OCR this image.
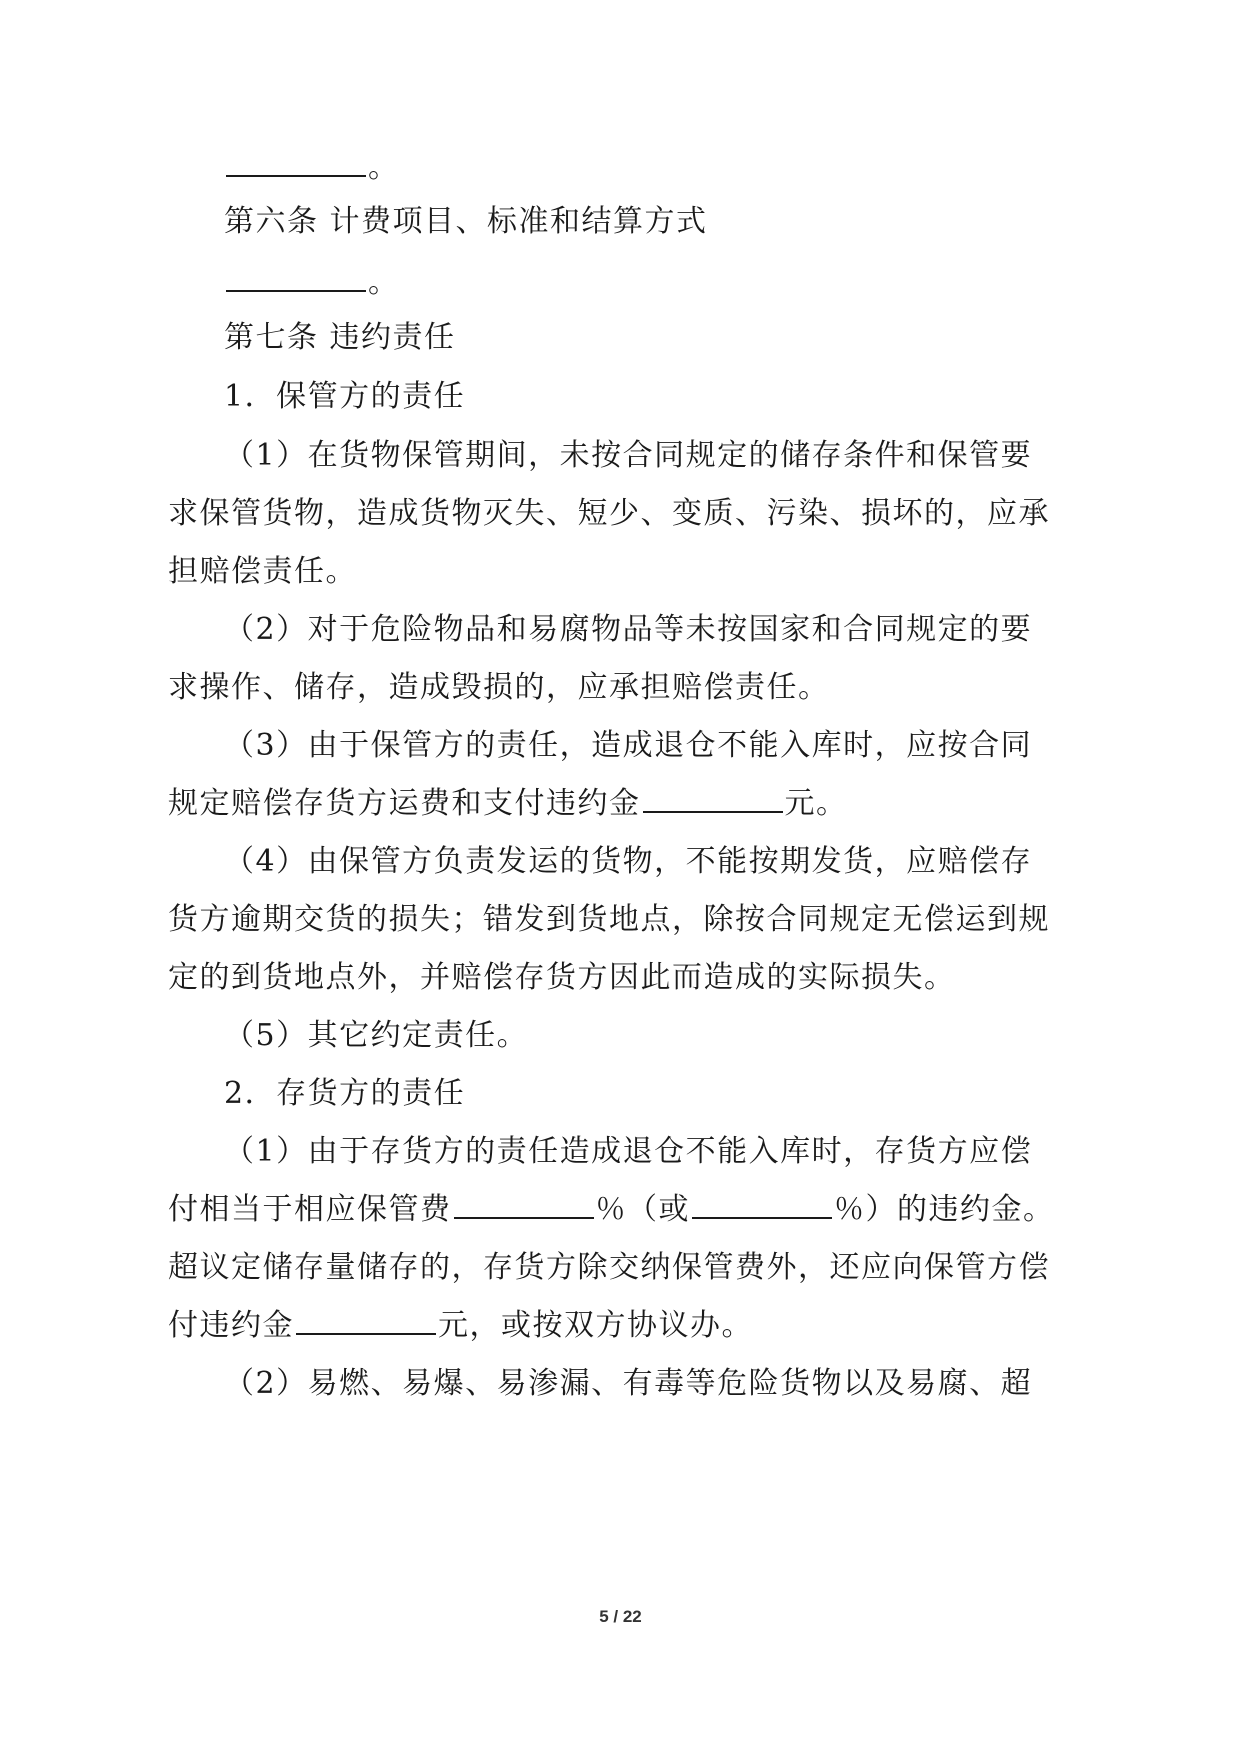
。
第六条 计费项目、标准和结算方式
。
第七条 违约责任
1．保管方的责任
（1）在货物保管期间，未按合同规定的储存条件和保管要
求保管货物，造成货物灭失、短少、变质、污染、损坏的，应承
担赔偿责任。
（2）对于危险物品和易腐物品等未按国家和合同规定的要
求操作、储存，造成毁损的，应承担赔偿责任。
（3）由于保管方的责任，造成退仓不能入库时，应按合同
规定赔偿存货方运费和支付违约金	元。
（4）由保管方负责发运的货物，不能按期发货，应赔偿存
货方逾期交货的损失；错发到货地点，除按合同规定无偿运到规
定的到货地点外，并赔偿存货方因此而造成的实际损失。
（5）其它约定责任。
2．存货方的责任
（1）由于存货方的责任造成退仓不能入库时，存货方应偿
付相当于相应保管费	％（或	％）的违约金。
超议定储存量储存的，存货方除交纳保管费外，还应向保管方偿
付违约金	元，或按双方协议办。
（2）易燃、易爆、易渗漏、有毒等危险货物以及易腐、超
5 / 22
